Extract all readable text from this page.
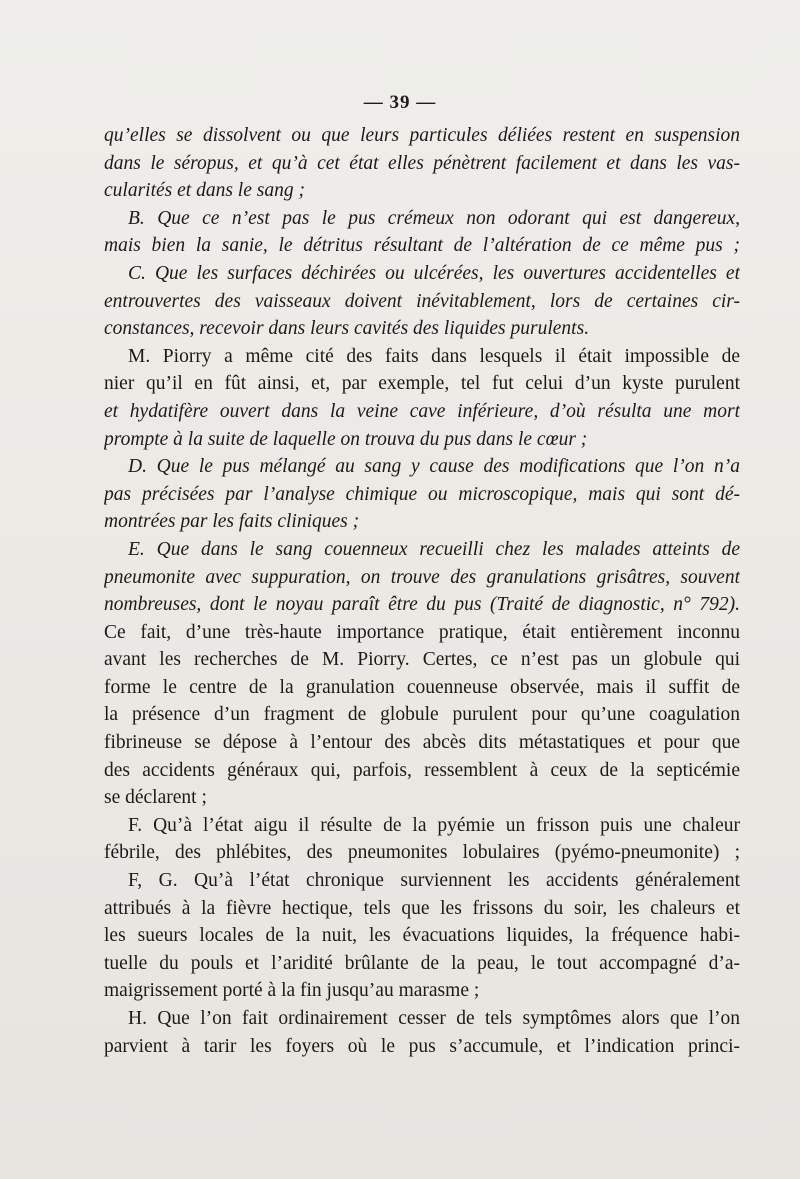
— 39 —
qu’elles se dissolvent ou que leurs particules déliées restent en suspension
dans le séropus, et qu’à cet état elles pénètrent facilement et dans les vas-
cularités et dans le sang ;
B. Que ce n’est pas le pus crémeux non odorant qui est dangereux,
mais bien la sanie, le détritus résultant de l’altération de ce même pus ;
C. Que les surfaces déchirées ou ulcérées, les ouvertures accidentelles et
entrouvertes des vaisseaux doivent inévitablement, lors de certaines cir-
constances, recevoir dans leurs cavités des liquides purulents.
M. Piorry a même cité des faits dans lesquels il était impossible de
nier qu’il en fût ainsi, et, par exemple, tel fut celui d’un kyste purulent
et hydatifère ouvert dans la veine cave inférieure, d’où résulta une mort
prompte à la suite de laquelle on trouva du pus dans le cœur ;
D. Que le pus mélangé au sang y cause des modifications que l’on n’a
pas précisées par l’analyse chimique ou microscopique, mais qui sont dé-
montrées par les faits cliniques ;
E. Que dans le sang couenneux recueilli chez les malades atteints de
pneumonite avec suppuration, on trouve des granulations grisâtres, souvent
nombreuses, dont le noyau paraît être du pus (Traité de diagnostic, n° 792).
Ce fait, d’une très-haute importance pratique, était entièrement inconnu
avant les recherches de M. Piorry. Certes, ce n’est pas un globule qui
forme le centre de la granulation couenneuse observée, mais il suffit de
la présence d’un fragment de globule purulent pour qu’une coagulation
fibrineuse se dépose à l’entour des abcès dits métastatiques et pour que
des accidents généraux qui, parfois, ressemblent à ceux de la septicémie
se déclarent ;
F. Qu’à l’état aigu il résulte de la pyémie un frisson puis une chaleur
fébrile, des phlébites, des pneumonites lobulaires (pyémo-pneumonite) ;
F, G. Qu’à l’état chronique surviennent les accidents généralement
attribués à la fièvre hectique, tels que les frissons du soir, les chaleurs et
les sueurs locales de la nuit, les évacuations liquides, la fréquence habi-
tuelle du pouls et l’aridité brûlante de la peau, le tout accompagné d’a-
maigrissement porté à la fin jusqu’au marasme ;
H. Que l’on fait ordinairement cesser de tels symptômes alors que l’on
parvient à tarir les foyers où le pus s’accumule, et l’indication princi-
